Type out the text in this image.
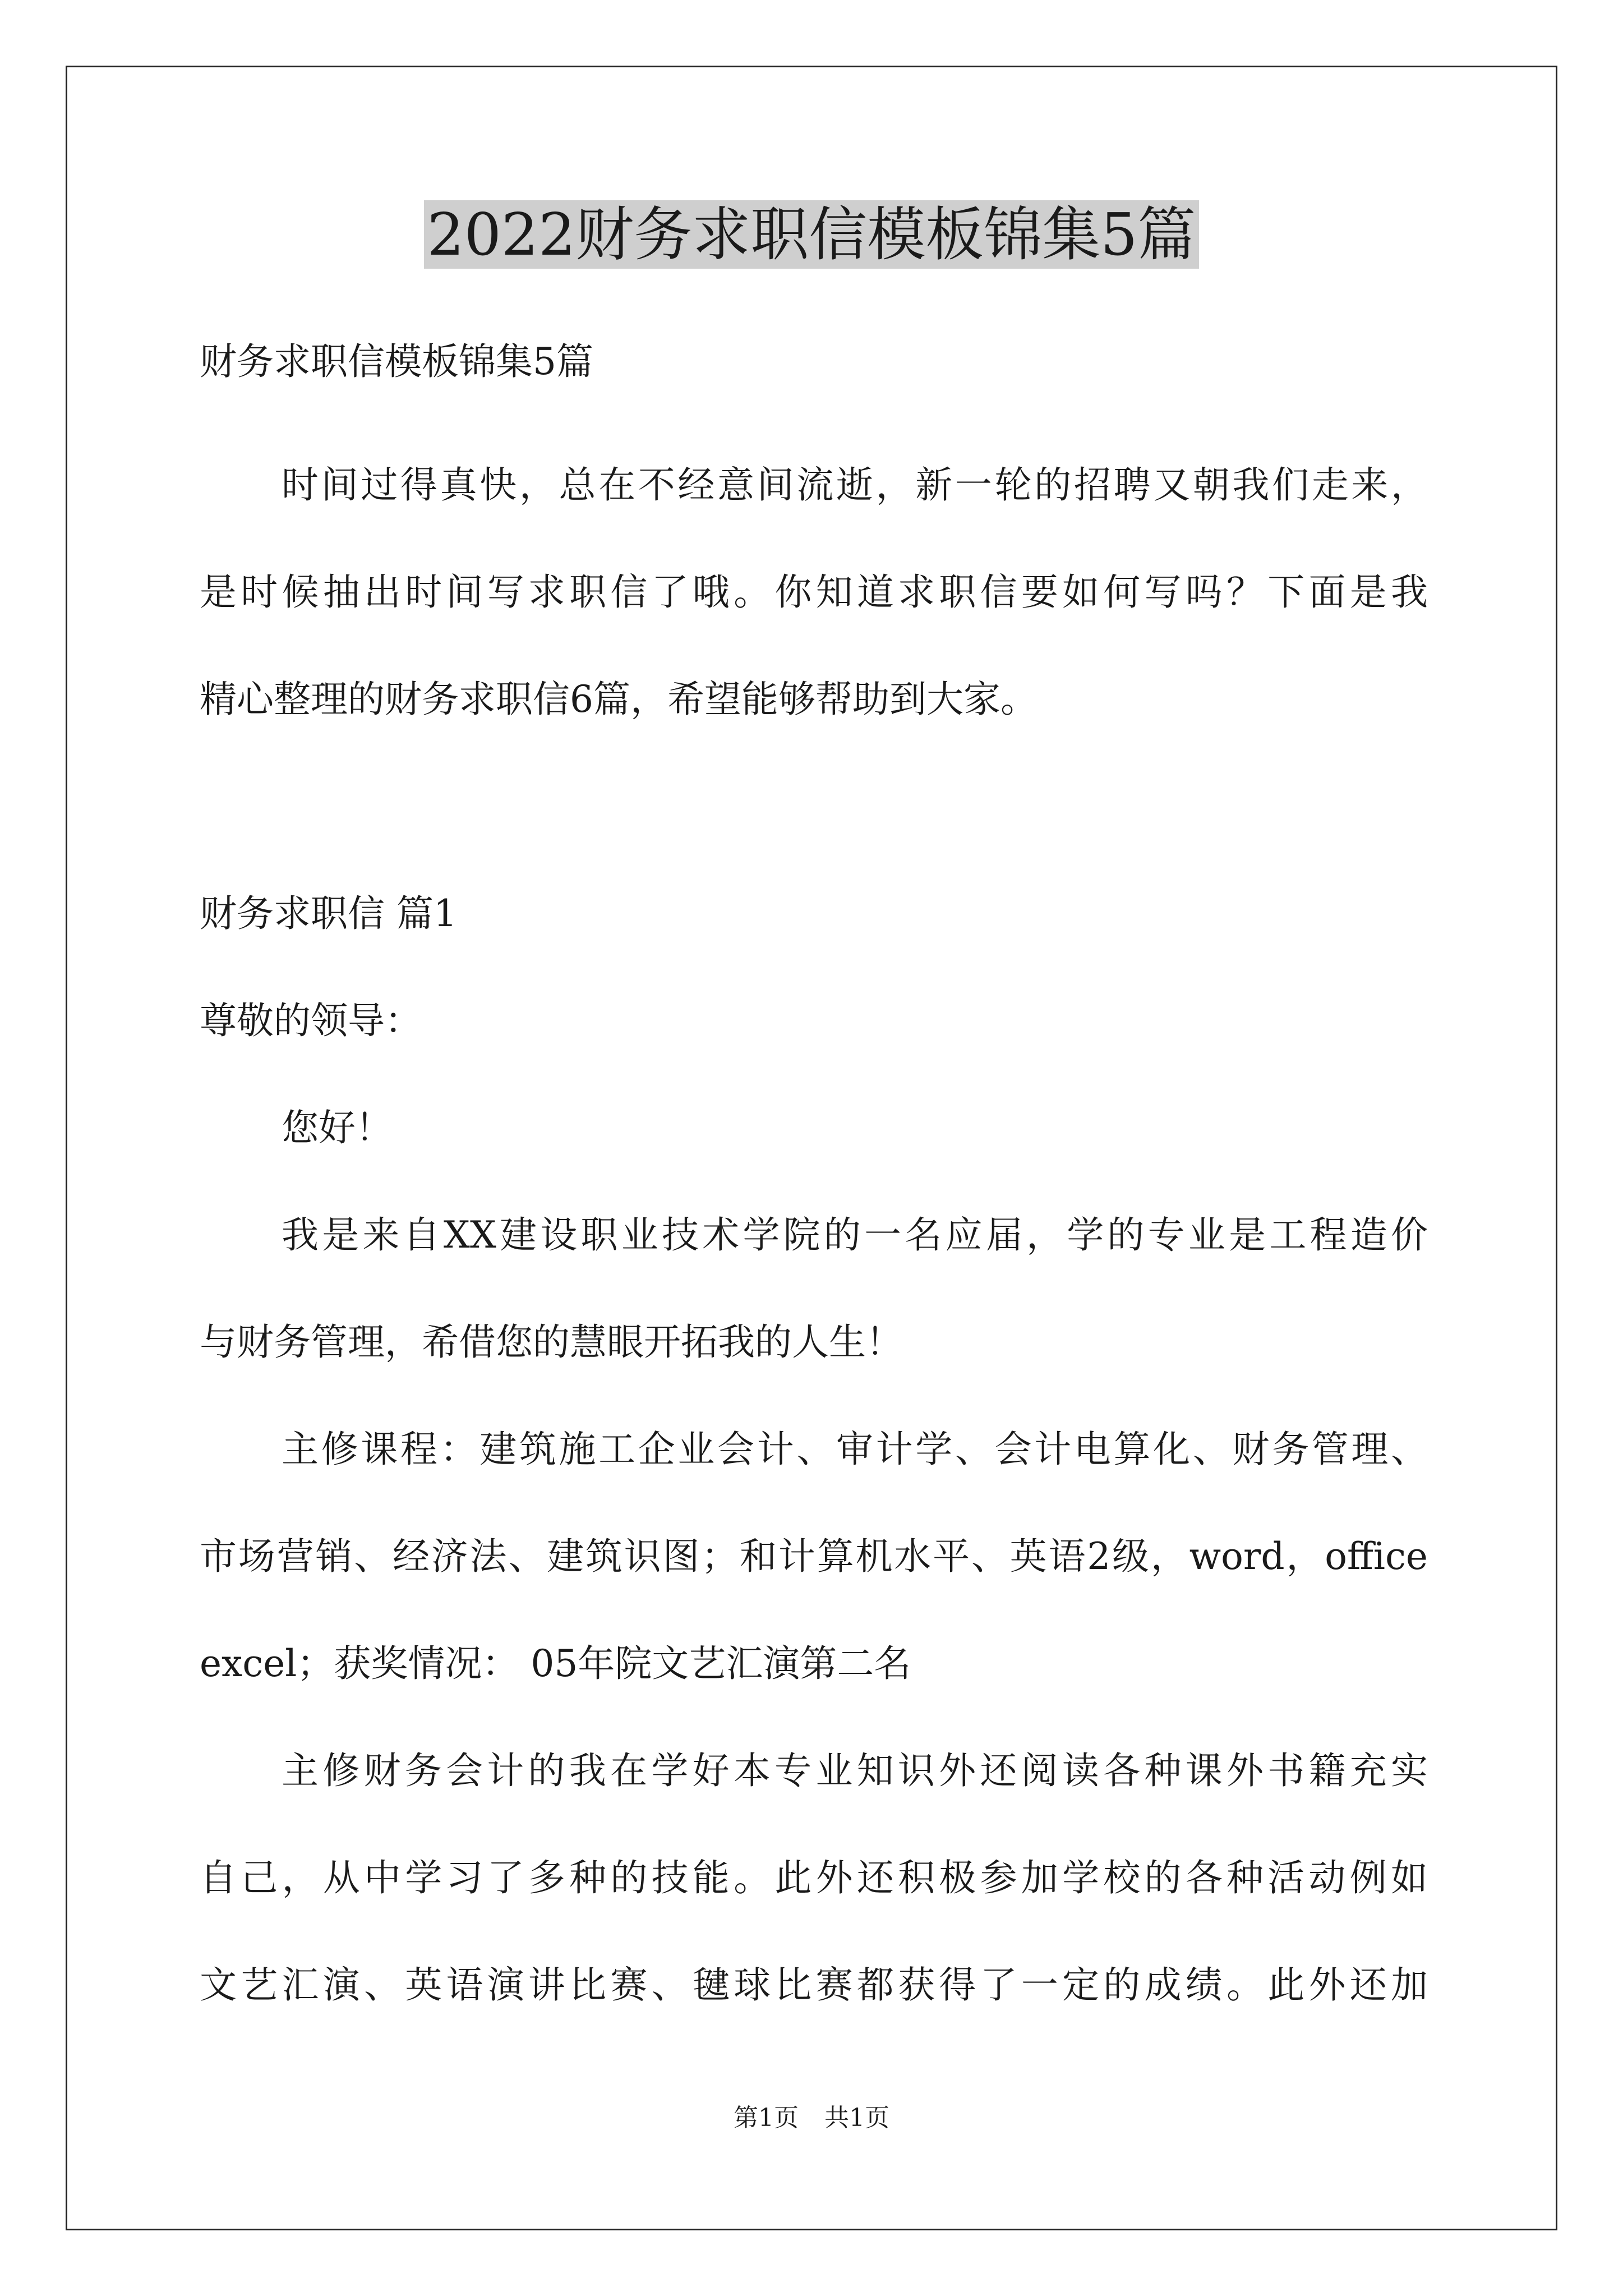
2022财务求职信模板锦集5篇
财务求职信模板锦集5篇
时间过得真快，总在不经意间流逝，新一轮的招聘又朝我们走来，
是时候抽出时间写求职信了哦。你知道求职信要如何写吗？下面是我
精心整理的财务求职信6篇，希望能够帮助到大家。
财务求职信 篇1
尊敬的领导：
您好！
我是来自XX建设职业技术学院的一名应届，学的专业是工程造价
与财务管理，希借您的慧眼开拓我的人生！
主修课程：建筑施工企业会计、审计学、会计电算化、财务管理、
市场营销、经济法、建筑识图；和计算机水平、英语2级，word，office
excel；获奖情况： 05年院文艺汇演第二名
主修财务会计的我在学好本专业知识外还阅读各种课外书籍充实
自己，从中学习了多种的技能。此外还积极参加学校的各种活动例如
文艺汇演、英语演讲比赛、毽球比赛都获得了一定的成绩。此外还加
第1页 共1页
